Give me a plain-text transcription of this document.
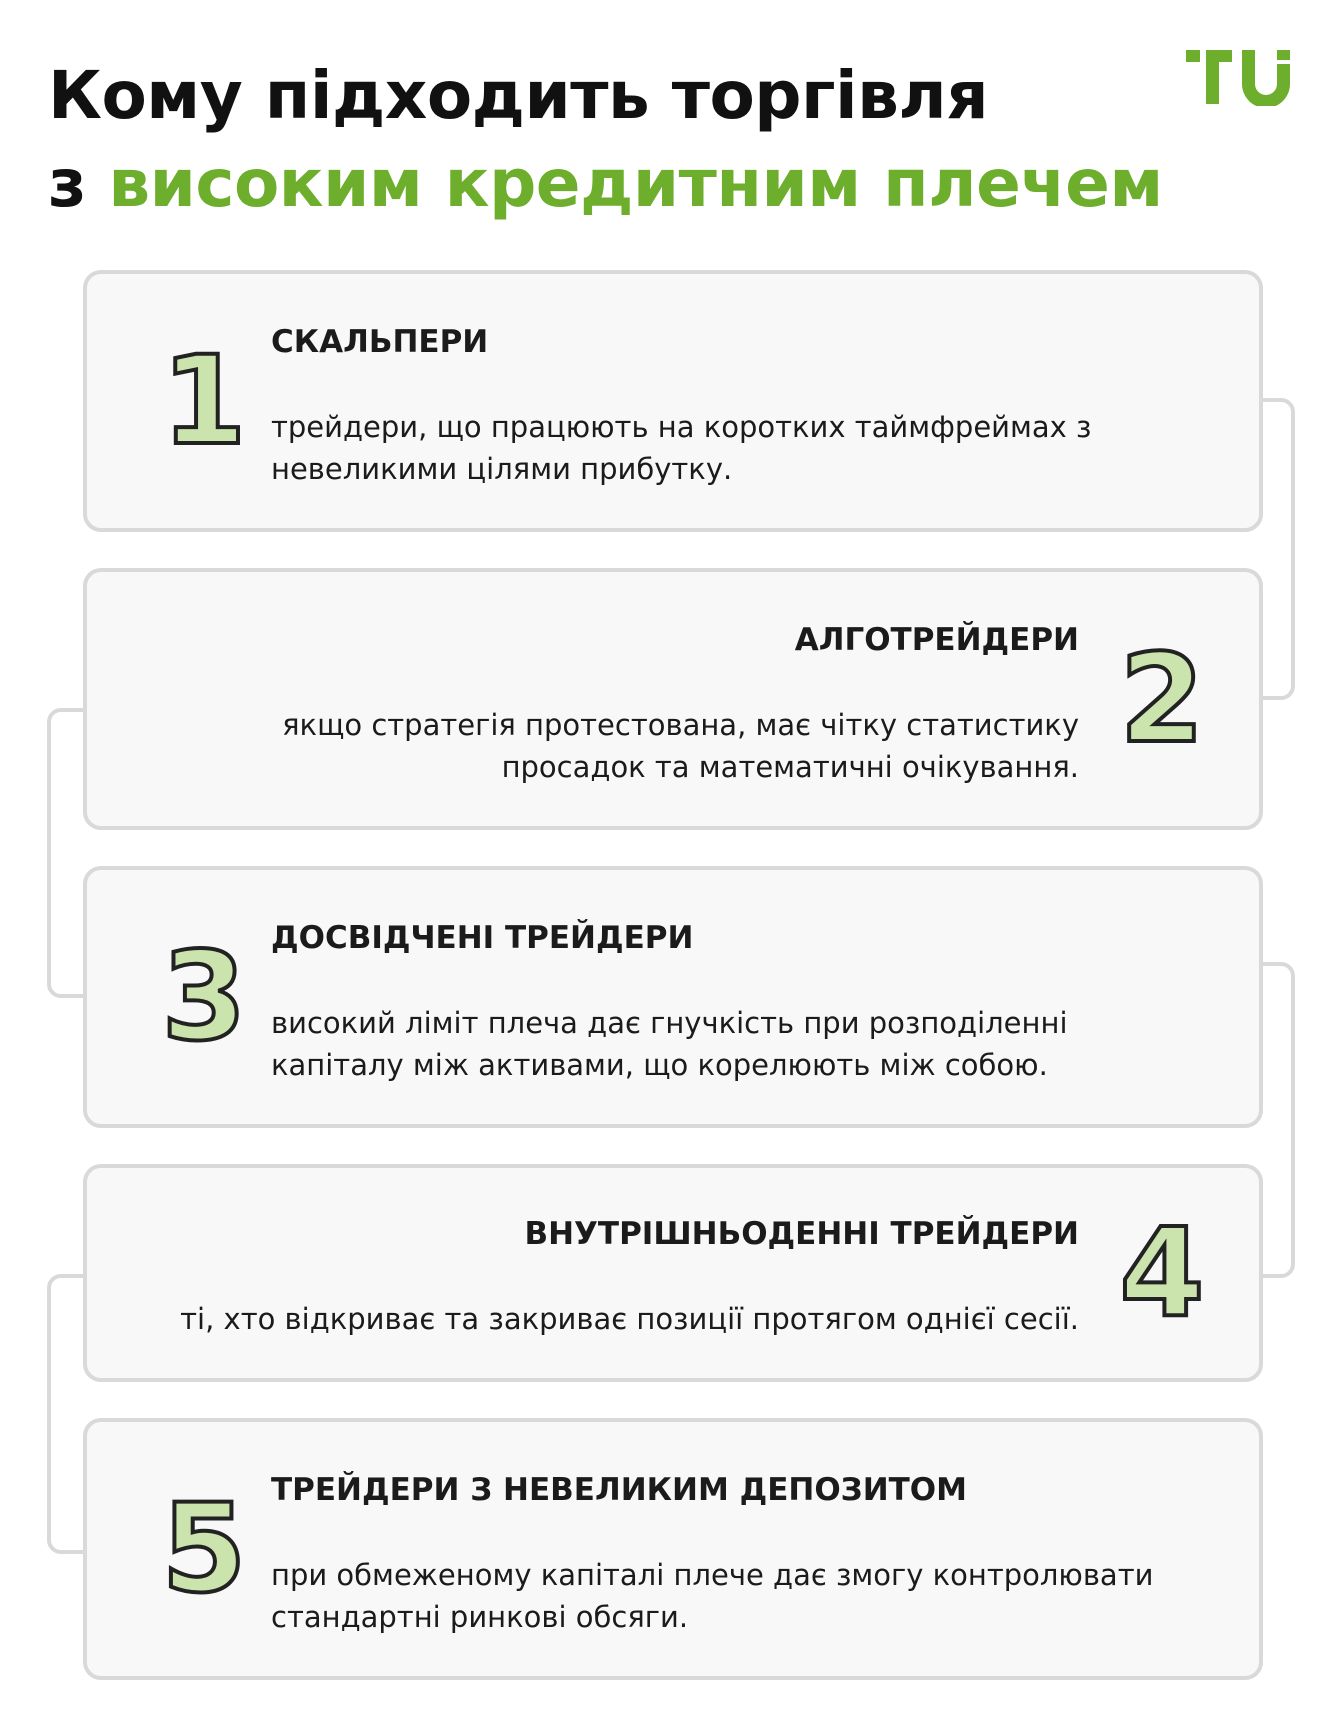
Кому підходить торгівля
з високим кредитним плечем
1 СКАЛЬПЕРИ

трейдери, що працюють на коротких таймфреймах з
невеликими цілями прибутку.

2
АЛГОТРЕЙДЕРИ

якщо стратегія протестована, має чітку статистику
просадок та математичні очікування.

3 ДОСВІДЧЕНІ ТРЕЙДЕРИ

високий ліміт плеча дає гнучкість при розподіленні
капіталу між активами, що корелюють між собою.

4
ВНУТРІШНЬОДЕННІ ТРЕЙДЕРИ

ті, хто відкриває та закриває позиції протягом однієї сесії.

5 ТРЕЙДЕРИ З НЕВЕЛИКИМ ДЕПОЗИТОМ

при обмеженому капіталі плече дає змогу контролювати
стандартні ринкові обсяги.
